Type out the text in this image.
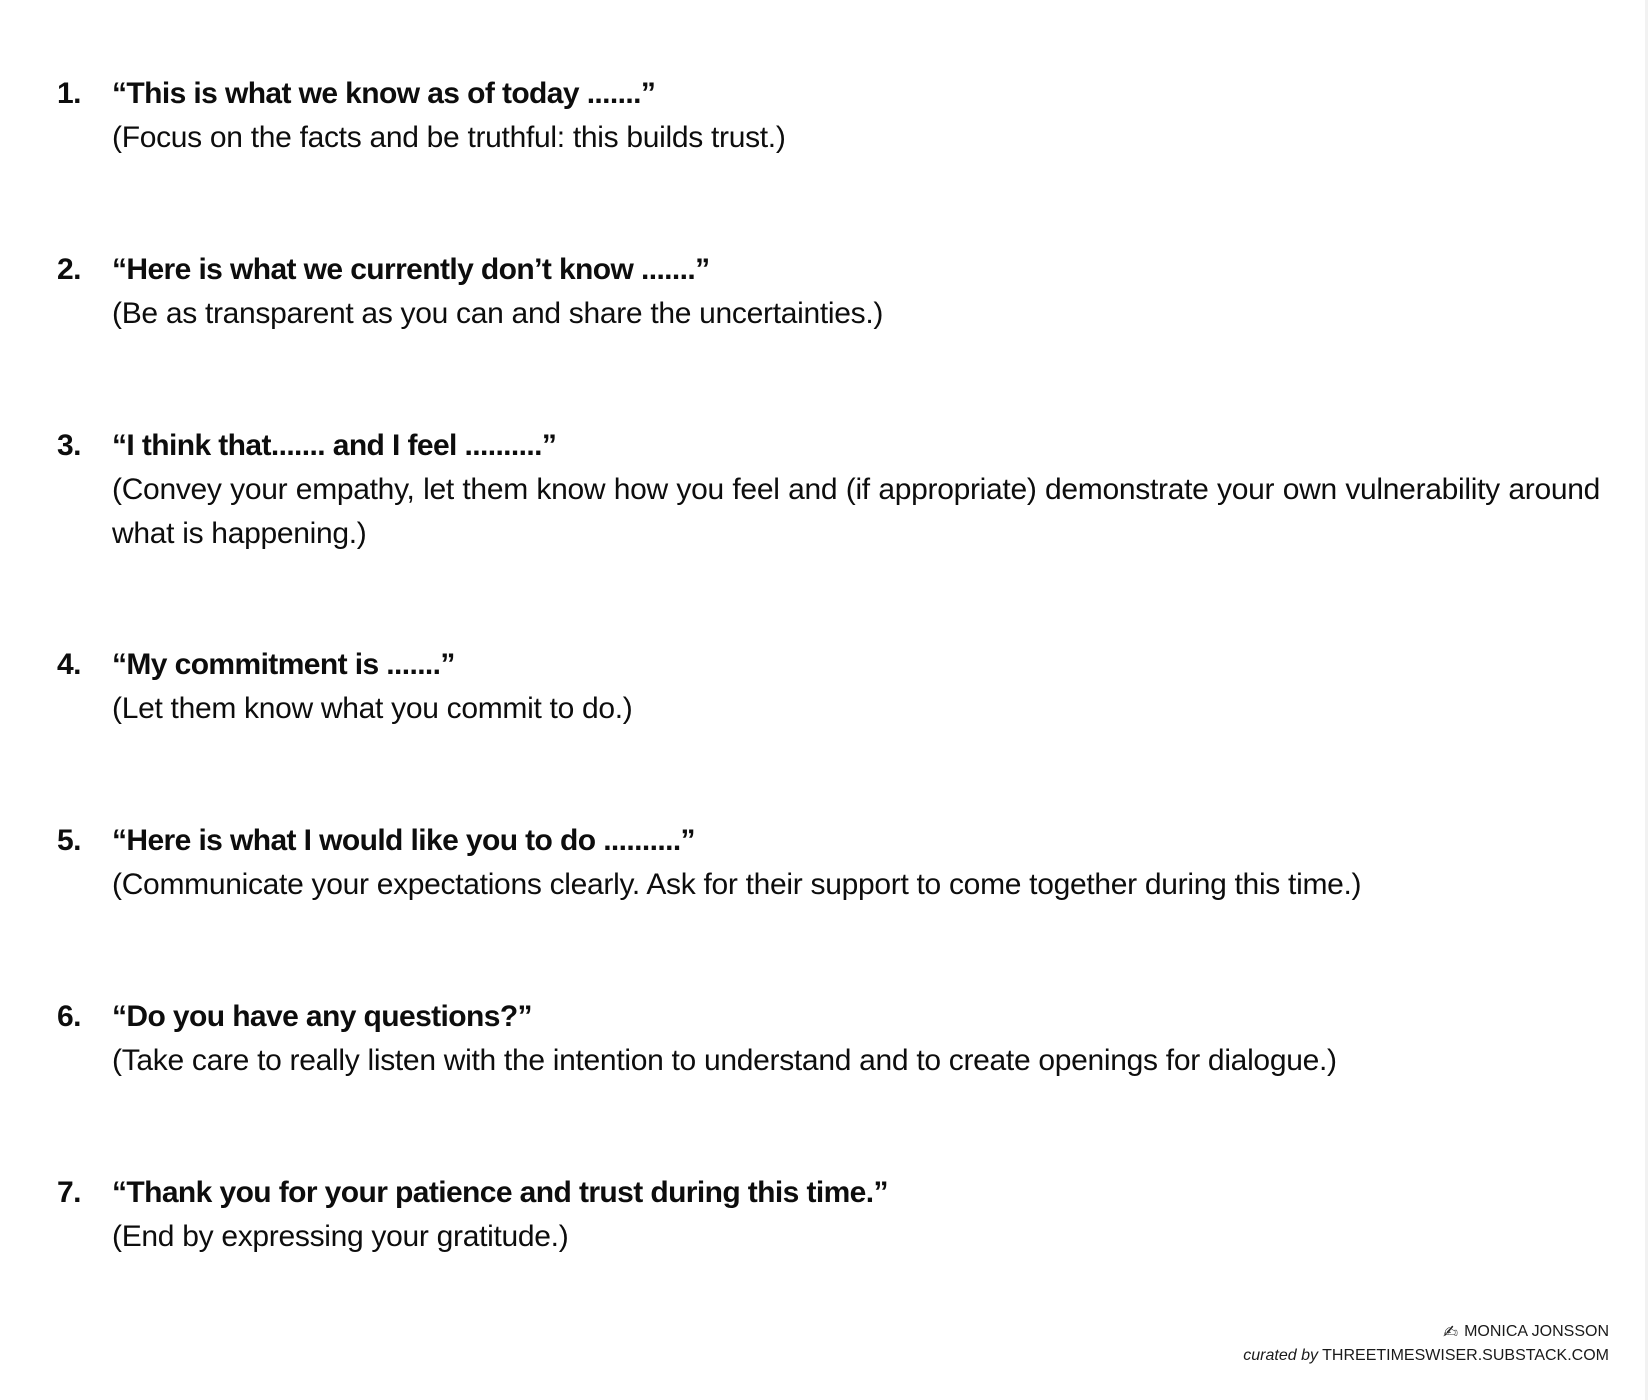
1. “This is what we know as of today .......”
(Focus on the facts and be truthful: this builds trust.)
2. “Here is what we currently don’t know .......”
(Be as transparent as you can and share the uncertainties.)
3. “I think that....... and I feel ..........”
(Convey your empathy, let them know how you feel and (if appropriate) demonstrate your own vulnerability around what is happening.)
4. “My commitment is .......”
(Let them know what you commit to do.)
5. “Here is what I would like you to do ..........”
(Communicate your expectations clearly. Ask for their support to come together during this time.)
6. “Do you have any questions?”
(Take care to really listen with the intention to understand and to create openings for dialogue.)
7. “Thank you for your patience and trust during this time.”
(End by expressing your gratitude.)
✍ MONICA JONSSON
curated by THREETIMESWISER.SUBSTACK.COM
